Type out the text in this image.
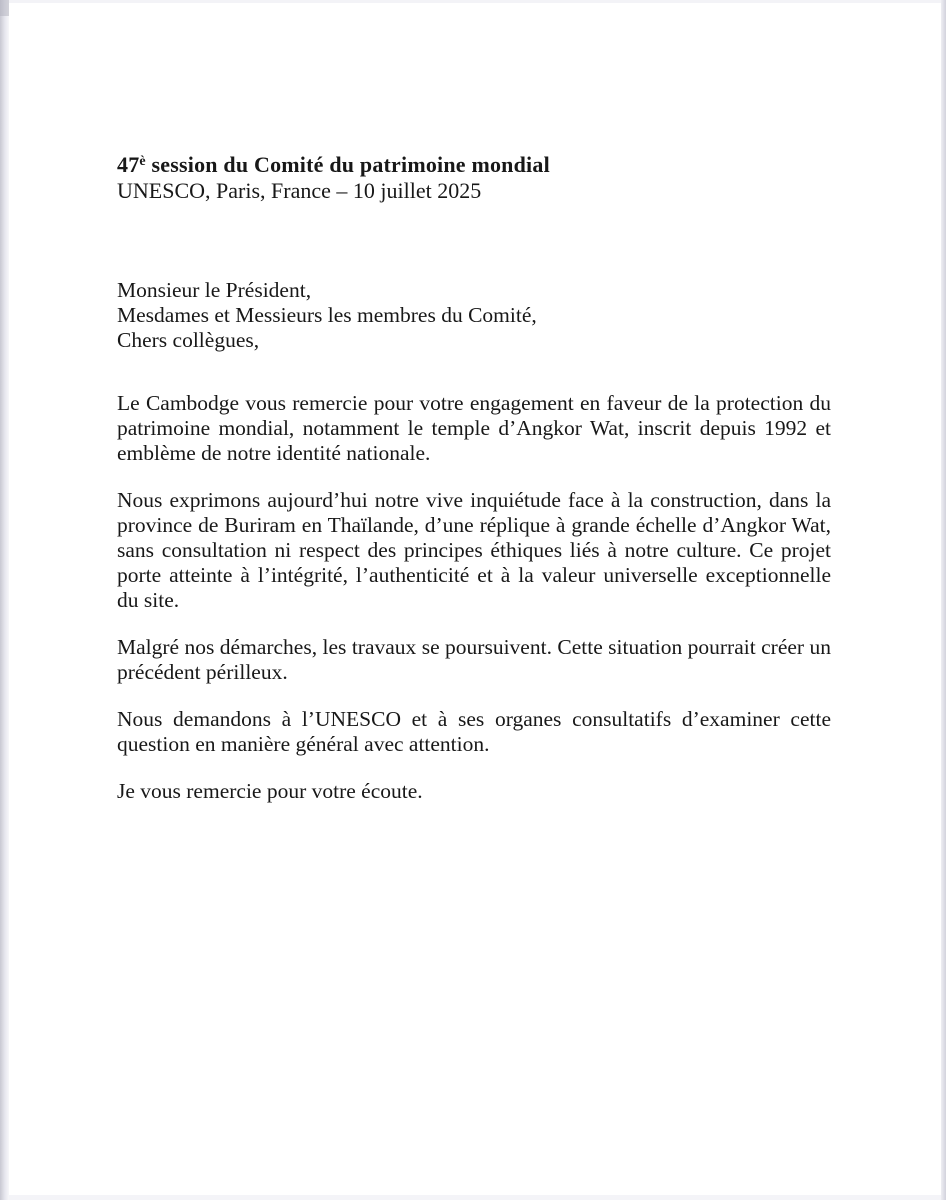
$47^è$ session du Comité du patrimoine mondial
UNESCO, Paris, France – 10 juillet 2025
Monsieur le Président,
Mesdames et Messieurs les membres du Comité,
Chers collègues,

Le Cambodge vous remercie pour votre engagement en faveur de la protection du patrimoine mondial, notamment le temple d’Angkor Wat, inscrit depuis 1992 et emblème de notre identité nationale.

Nous exprimons aujourd’hui notre vive inquiétude face à la construction, dans la province de Buriram en Thaïlande, d’une réplique à grande échelle d’Angkor Wat, sans consultation ni respect des principes éthiques liés à notre culture. Ce projet porte atteinte à l’intégrité, l’authenticité et à la valeur universelle exceptionnelle du site.

Malgré nos démarches, les travaux se poursuivent. Cette situation pourrait créer un précédent périlleux.

Nous demandons à l’UNESCO et à ses organes consultatifs d’examiner cette question en manière général avec attention.

Je vous remercie pour votre écoute.
